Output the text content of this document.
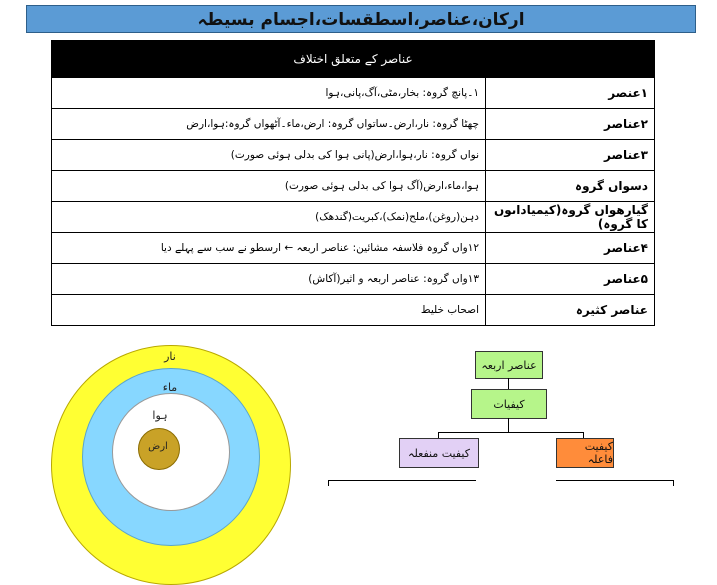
ارکان،عناصر،اسطقسات،اجسام بسیطہ
عناصر کے متعلق اختلاف	
۱عنصر	۱۔پانچ گروہ: بخار،مٹی،آگ،پانی،ہوا
۲عناصر	چھٹا گروہ: نار،ارض۔ساتواں گروہ: ارض،ماء۔آٹھواں گروہ:ہوا،ارض
۳عناصر	نواں گروہ: نار،ہوا،ارض(پانی ہوا کی بدلی ہوئی صورت)
دسواں گروہ	ہوا،ماء،ارض(آگ ہوا کی بدلی ہوئی صورت)
گیارھواں گروہ(کیمیاداںوں کا گروہ)	دہن(روغن)،ملح(نمک)،کبریت(گندھک)
۴عناصر	۱۲واں گروہ فلاسفہ مشائین: عناصر اربعہ ← ارسطو نے سب سے پہلے دیا
۵عناصر	۱۳واں گروہ: عناصر اربعہ و اثیر(آکاش)
عناصر کثیرہ	اصحاب خلیط
نار
ماء
ہوا
ارض
عناصر اربعہ
کیفیات
کیفیت منفعلہ	کیفیت فاعلہ
